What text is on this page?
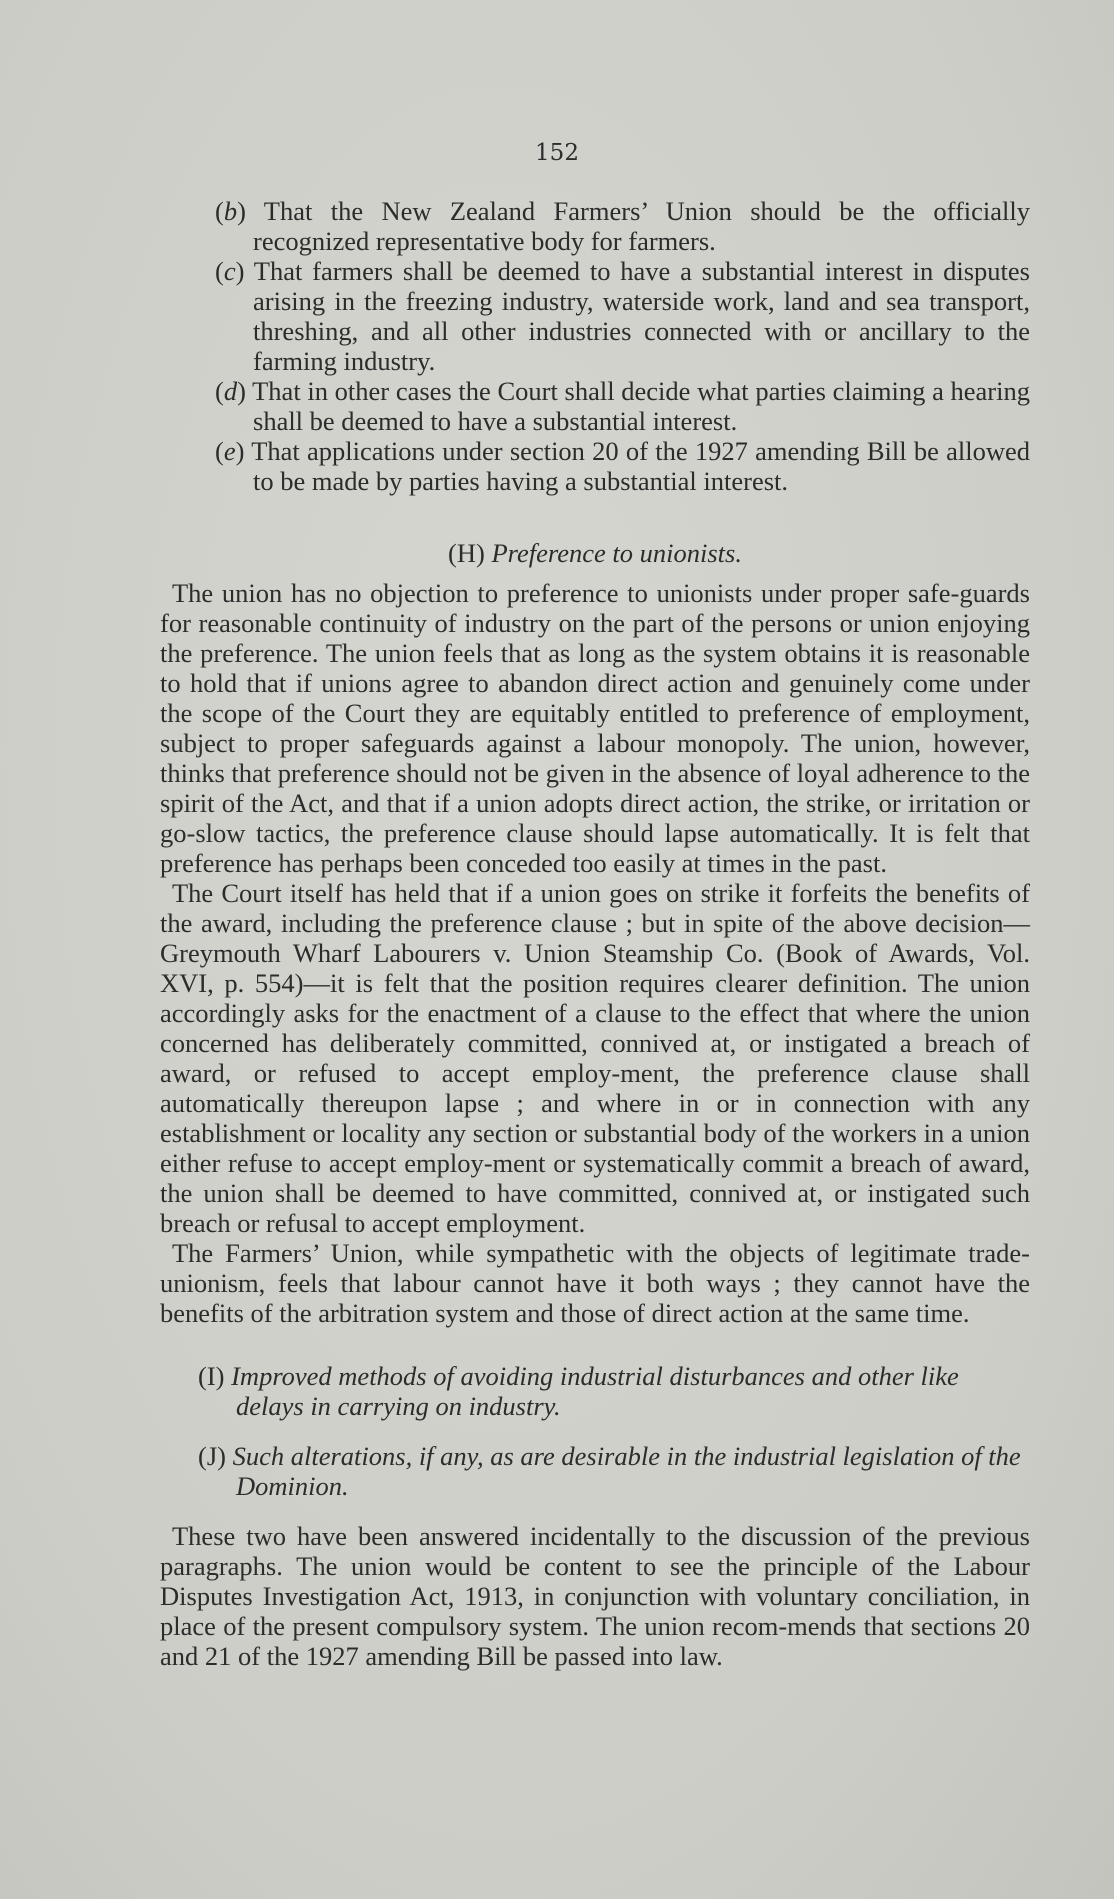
152

(b) That the New Zealand Farmers’ Union should be the officially recognized representative body for farmers.

(c) That farmers shall be deemed to have a substantial interest in disputes arising in the freezing industry, waterside work, land and sea transport, threshing, and all other industries connected with or ancillary to the farming industry.

(d) That in other cases the Court shall decide what parties claiming a hearing shall be deemed to have a substantial interest.

(e) That applications under section 20 of the 1927 amending Bill be allowed to be made by parties having a substantial interest.

(H) Preference to unionists.

The union has no objection to preference to unionists under proper safe-guards for reasonable continuity of industry on the part of the persons or union enjoying the preference. The union feels that as long as the system obtains it is reasonable to hold that if unions agree to abandon direct action and genuinely come under the scope of the Court they are equitably entitled to preference of employment, subject to proper safeguards against a labour monopoly. The union, however, thinks that preference should not be given in the absence of loyal adherence to the spirit of the Act, and that if a union adopts direct action, the strike, or irritation or go-slow tactics, the preference clause should lapse automatically. It is felt that preference has perhaps been conceded too easily at times in the past.

The Court itself has held that if a union goes on strike it forfeits the benefits of the award, including the preference clause ; but in spite of the above decision—Greymouth Wharf Labourers v. Union Steamship Co. (Book of Awards, Vol. XVI, p. 554)—it is felt that the position requires clearer definition. The union accordingly asks for the enactment of a clause to the effect that where the union concerned has deliberately committed, connived at, or instigated a breach of award, or refused to accept employ-ment, the preference clause shall automatically thereupon lapse ; and where in or in connection with any establishment or locality any section or substantial body of the workers in a union either refuse to accept employ-ment or systematically commit a breach of award, the union shall be deemed to have committed, connived at, or instigated such breach or refusal to accept employment.

The Farmers’ Union, while sympathetic with the objects of legitimate trade-unionism, feels that labour cannot have it both ways ; they cannot have the benefits of the arbitration system and those of direct action at the same time.

(I) Improved methods of avoiding industrial disturbances and other like delays in carrying on industry.

(J) Such alterations, if any, as are desirable in the industrial legislation of the Dominion.

These two have been answered incidentally to the discussion of the previous paragraphs. The union would be content to see the principle of the Labour Disputes Investigation Act, 1913, in conjunction with voluntary conciliation, in place of the present compulsory system. The union recom-mends that sections 20 and 21 of the 1927 amending Bill be passed into law.
